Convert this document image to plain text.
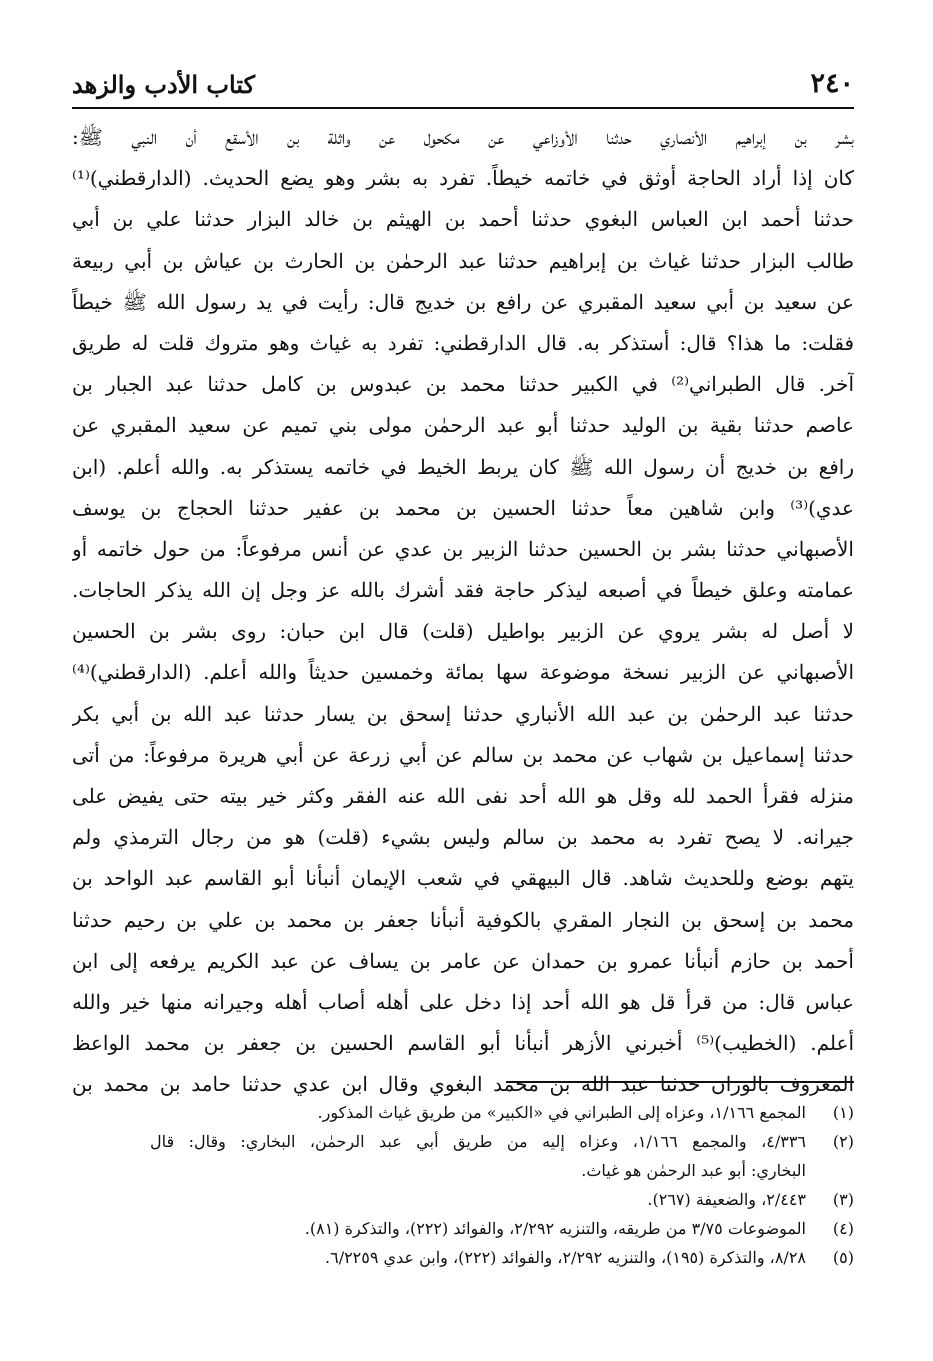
٢٤٠
كتاب الأدب والزهد
بشر بن إبراهيم الأنصاري حدثنا الأوزاعي عن مكحول عن واثلة بن الأسقع أن النبي ﷺ:
كان إذا أراد الحاجة أوثق في خاتمه خيطاً. تفرد به بشر وهو يضع الحديث. (الدارقطني)⁽¹⁾
حدثنا أحمد ابن العباس البغوي حدثنا أحمد بن الهيثم بن خالد البزار حدثنا علي بن أبي
طالب البزار حدثنا غياث بن إبراهيم حدثنا عبد الرحمٰن بن الحارث بن عياش بن أبي ربيعة
عن سعيد بن أبي سعيد المقبري عن رافع بن خديج قال: رأيت في يد رسول الله ﷺ خيطاً
فقلت: ما هذا؟ قال: أستذكر به. قال الدارقطني: تفرد به غياث وهو متروك قلت له طريق
آخر. قال الطبراني⁽²⁾ في الكبير حدثنا محمد بن عبدوس بن كامل حدثنا عبد الجبار بن
عاصم حدثنا بقية بن الوليد حدثنا أبو عبد الرحمٰن مولى بني تميم عن سعيد المقبري عن
رافع بن خديج أن رسول الله ﷺ كان يربط الخيط في خاتمه يستذكر به. والله أعلم. (ابن
عدي)⁽³⁾ وابن شاهين معاً حدثنا الحسين بن محمد بن عفير حدثنا الحجاج بن يوسف
الأصبهاني حدثنا بشر بن الحسين حدثنا الزبير بن عدي عن أنس مرفوعاً: من حول خاتمه أو
عمامته وعلق خيطاً في أصبعه ليذكر حاجة فقد أشرك بالله عز وجل إن الله يذكر الحاجات.
لا أصل له بشر يروي عن الزبير بواطيل (قلت) قال ابن حبان: روى بشر بن الحسين
الأصبهاني عن الزبير نسخة موضوعة سها بمائة وخمسين حديثاً والله أعلم. (الدارقطني)⁽⁴⁾
حدثنا عبد الرحمٰن بن عبد الله الأنباري حدثنا إسحق بن يسار حدثنا عبد الله بن أبي بكر
حدثنا إسماعيل بن شهاب عن محمد بن سالم عن أبي زرعة عن أبي هريرة مرفوعاً: من أتى
منزله فقرأ الحمد لله وقل هو الله أحد نفى الله عنه الفقر وكثر خير بيته حتى يفيض على
جيرانه. لا يصح تفرد به محمد بن سالم وليس بشيء (قلت) هو من رجال الترمذي ولم
يتهم بوضع وللحديث شاهد. قال البيهقي في شعب الإيمان أنبأنا أبو القاسم عبد الواحد بن
محمد بن إسحق بن النجار المقري بالكوفية أنبأنا جعفر بن محمد بن علي بن رحيم حدثنا
أحمد بن حازم أنبأنا عمرو بن حمدان عن عامر بن يساف عن عبد الكريم يرفعه إلى ابن
عباس قال: من قرأ قل هو الله أحد إذا دخل على أهله أصاب أهله وجيرانه منها خير والله
أعلم. (الخطيب)⁽⁵⁾ أخبرني الأزهر أنبأنا أبو القاسم الحسين بن جعفر بن محمد الواعظ
المعروف بالوزان حدثنا عبد الله بن محمد البغوي وقال ابن عدي حدثنا حامد بن محمد بن
(١)
المجمع ١/١٦٦، وعزاه إلى الطبراني في «الكبير» من طريق غياث المذكور.
(٢)
٤/٣٣٦، والمجمع ١/١٦٦، وعزاه إليه من طريق أبي عبد الرحمٰن، البخاري: وقال: قال
البخاري: أبو عبد الرحمٰن هو غياث.
(٣)
٢/٤٤٣، والضعيفة (٢٦٧).
(٤)
الموضوعات ٣/٧٥ من طريقه، والتنزيه ٢/٢٩٢، والفوائد (٢٢٢)، والتذكرة (٨١).
(٥)
٨/٢٨، والتذكرة (١٩٥)، والتنزيه ٢/٢٩٢، والفوائد (٢٢٢)، وابن عدي ٦/٢٢٥٩.
